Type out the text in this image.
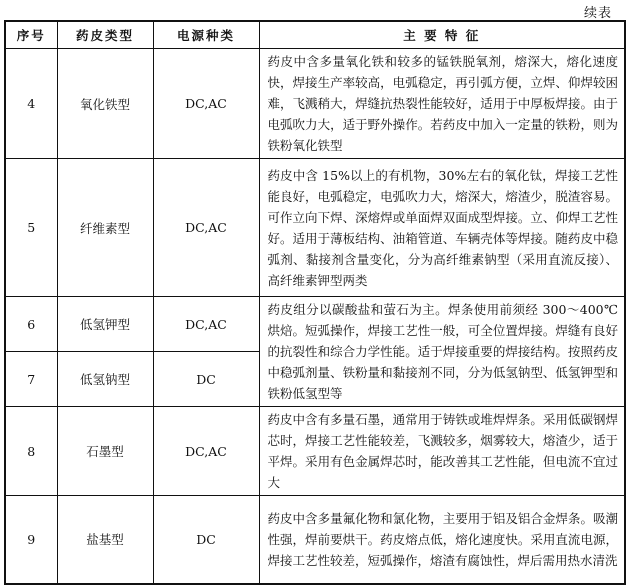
续表
序号	药皮类型	电源种类	主 要 特 征
4	氧化铁型	DC,AC	药皮中含多量氧化铁和较多的锰铁脱氧剂，熔深大，熔化速度快，焊接生产率较高，电弧稳定，再引弧方便，立焊、仰焊较困难，飞溅稍大，焊缝抗热裂性能较好，适用于中厚板焊接。由于电弧吹力大，适于野外操作。若药皮中加入一定量的铁粉，则为铁粉氧化铁型
5	纤维素型	DC,AC	药皮中含 15%以上的有机物，30%左右的氧化钛，焊接工艺性能良好，电弧稳定，电弧吹力大，熔深大，熔渣少，脱渣容易。可作立向下焊、深熔焊或单面焊双面成型焊接。立、仰焊工艺性好。适用于薄板结构、油箱管道、车辆壳体等焊接。随药皮中稳弧剂、黏接剂含量变化，分为高纤维素钠型（采用直流反接）、高纤维素钾型两类
6	低氢钾型	DC,AC	药皮组分以碳酸盐和萤石为主。焊条使用前须经 300～400℃烘焙。短弧操作，焊接工艺性一般，可全位置焊接。焊缝有良好的抗裂性和综合力学性能。适于焊接重要的焊接结构。按照药皮中稳弧剂量、铁粉量和黏接剂不同，分为低氢钠型、低氢钾型和铁粉低氢型等
7	低氢钠型	DC	
8	石墨型	DC,AC	药皮中含有多量石墨，通常用于铸铁或堆焊焊条。采用低碳钢焊芯时，焊接工艺性能较差，飞溅较多，烟雾较大，熔渣少，适于平焊。采用有色金属焊芯时，能改善其工艺性能，但电流不宜过大
9	盐基型	DC	药皮中含多量氟化物和氯化物，主要用于铝及铝合金焊条。吸潮性强，焊前要烘干。药皮熔点低，熔化速度快。采用直流电源，焊接工艺性较差，短弧操作，熔渣有腐蚀性，焊后需用热水清洗
